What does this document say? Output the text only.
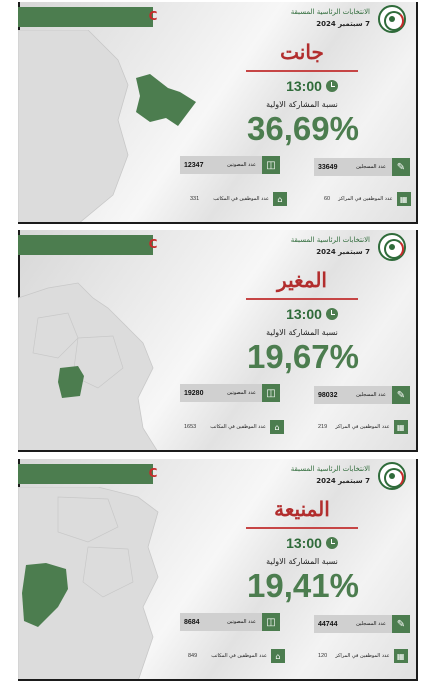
C	الانتخابات الرئاسية المسبقة
7 سبتمبر 2024
جانت
13:00
نسبة المشاركة الاولية
36,69%
12347	عدد المصوتين	◫	33649	عدد المسجلين	✎
331	عدد الموظفين في المكاتب	⌂	60 عدد الموظفين في المراكز ▦
C	الانتخابات الرئاسية المسبقة
7 سبتمبر 2024
المغير
13:00
نسبة المشاركة الاولية
19,67%
19280	عدد المصوتين	◫	98032	عدد المسجلين	✎
1653	عدد الموظفين في المكاتب	⌂	219 عدد الموظفين في المراكز ▦
C	الانتخابات الرئاسية المسبقة
7 سبتمبر 2024
المنيعة
13:00
نسبة المشاركة الاولية
19,41%
8684	عدد المصوتين	◫	44744	عدد المسجلين	✎
849	عدد الموظفين في المكاتب	⌂	120 عدد الموظفين في المراكز ▦
